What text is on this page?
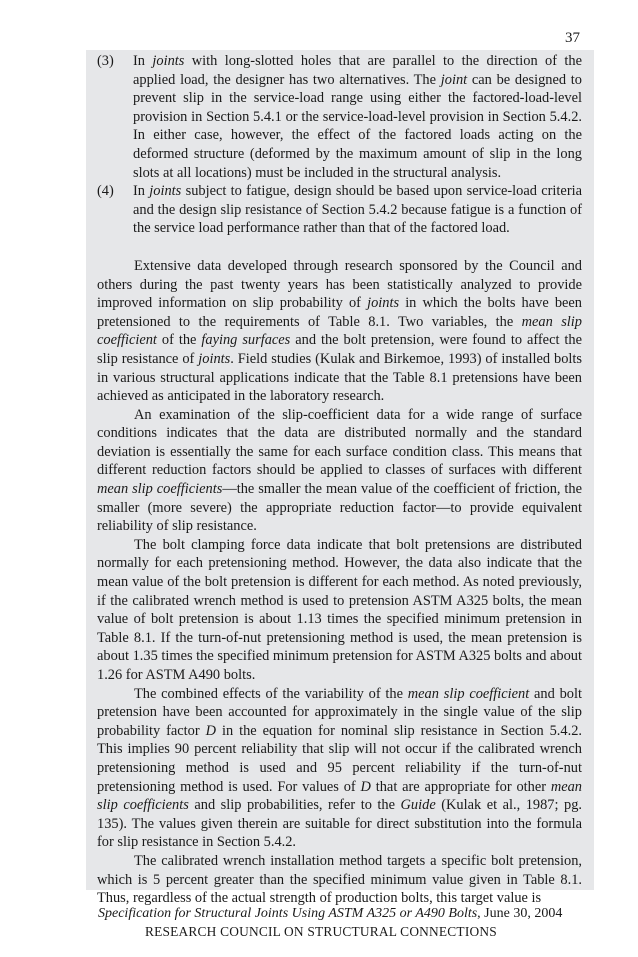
37
(3)	In joints with long-slotted holes that are parallel to the direction of the applied load, the designer has two alternatives. The joint can be designed to prevent slip in the service-load range using either the factored-load-level provision in Section 5.4.1 or the service-load-level provision in Section 5.4.2. In either case, however, the effect of the factored loads acting on the deformed structure (deformed by the maximum amount of slip in the long slots at all locations) must be included in the structural analysis.
(4)	In joints subject to fatigue, design should be based upon service-load criteria and the design slip resistance of Section 5.4.2 because fatigue is a function of the service load performance rather than that of the factored load.

Extensive data developed through research sponsored by the Council and others during the past twenty years has been statistically analyzed to provide improved information on slip probability of joints in which the bolts have been pretensioned to the requirements of Table 8.1. Two variables, the mean slip coefficient of the faying surfaces and the bolt pretension, were found to affect the slip resistance of joints. Field studies (Kulak and Birkemoe, 1993) of installed bolts in various structural applications indicate that the Table 8.1 pretensions have been achieved as anticipated in the laboratory research.

An examination of the slip-coefficient data for a wide range of surface conditions indicates that the data are distributed normally and the standard deviation is essentially the same for each surface condition class. This means that different reduction factors should be applied to classes of surfaces with different mean slip coefficients—the smaller the mean value of the coefficient of friction, the smaller (more severe) the appropriate reduction factor—to provide equivalent reliability of slip resistance.

The bolt clamping force data indicate that bolt pretensions are distributed normally for each pretensioning method. However, the data also indicate that the mean value of the bolt pretension is different for each method. As noted previously, if the calibrated wrench method is used to pretension ASTM A325 bolts, the mean value of bolt pretension is about 1.13 times the specified minimum pretension in Table 8.1. If the turn-of-nut pretensioning method is used, the mean pretension is about 1.35 times the specified minimum pretension for ASTM A325 bolts and about 1.26 for ASTM A490 bolts.

The combined effects of the variability of the mean slip coefficient and bolt pretension have been accounted for approximately in the single value of the slip probability factor D in the equation for nominal slip resistance in Section 5.4.2. This implies 90 percent reliability that slip will not occur if the calibrated wrench pretensioning method is used and 95 percent reliability if the turn-of-nut pretensioning method is used. For values of D that are appropriate for other mean slip coefficients and slip probabilities, refer to the Guide (Kulak et al., 1987; pg. 135). The values given therein are suitable for direct substitution into the formula for slip resistance in Section 5.4.2.

The calibrated wrench installation method targets a specific bolt pretension, which is 5 percent greater than the specified minimum value given in Table 8.1. Thus, regardless of the actual strength of production bolts, this target value is

Specification for Structural Joints Using ASTM A325 or A490 Bolts, June 30, 2004
RESEARCH COUNCIL ON STRUCTURAL CONNECTIONS
